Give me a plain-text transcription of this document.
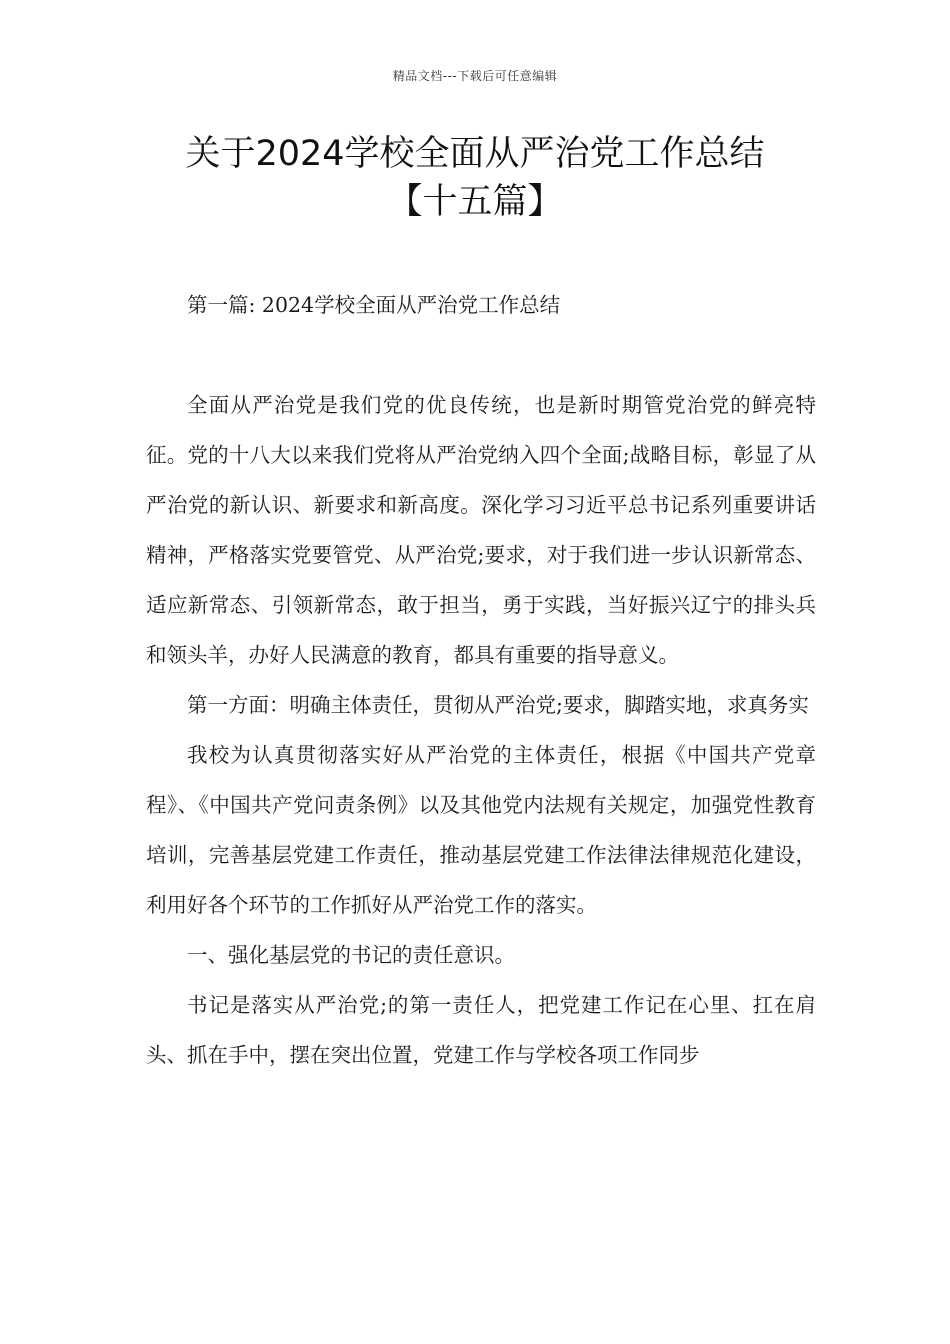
精品文档---下载后可任意编辑
关于2024学校全面从严治党工作总结
【十五篇】

第一篇: 2024学校全面从严治党工作总结

全面从严治党是我们党的优良传统，也是新时期管党治党的鲜亮特征。党的十八大以来我们党将从严治党纳入四个全面;战略目标，彰显了从严治党的新认识、新要求和新高度。深化学习习近平总书记系列重要讲话精神，严格落实党要管党、从严治党;要求，对于我们进一步认识新常态、适应新常态、引领新常态，敢于担当，勇于实践，当好振兴辽宁的排头兵和领头羊，办好人民满意的教育，都具有重要的指导意义。

第一方面：明确主体责任，贯彻从严治党;要求，脚踏实地，求真务实

我校为认真贯彻落实好从严治党的主体责任，根据《中国共产党章程》、《中国共产党问责条例》以及其他党内法规有关规定，加强党性教育培训，完善基层党建工作责任，推动基层党建工作法律法律规范化建设，利用好各个环节的工作抓好从严治党工作的落实。

一、强化基层党的书记的责任意识。

书记是落实从严治党;的第一责任人，把党建工作记在心里、扛在肩头、抓在手中，摆在突出位置，党建工作与学校各项工作同步
